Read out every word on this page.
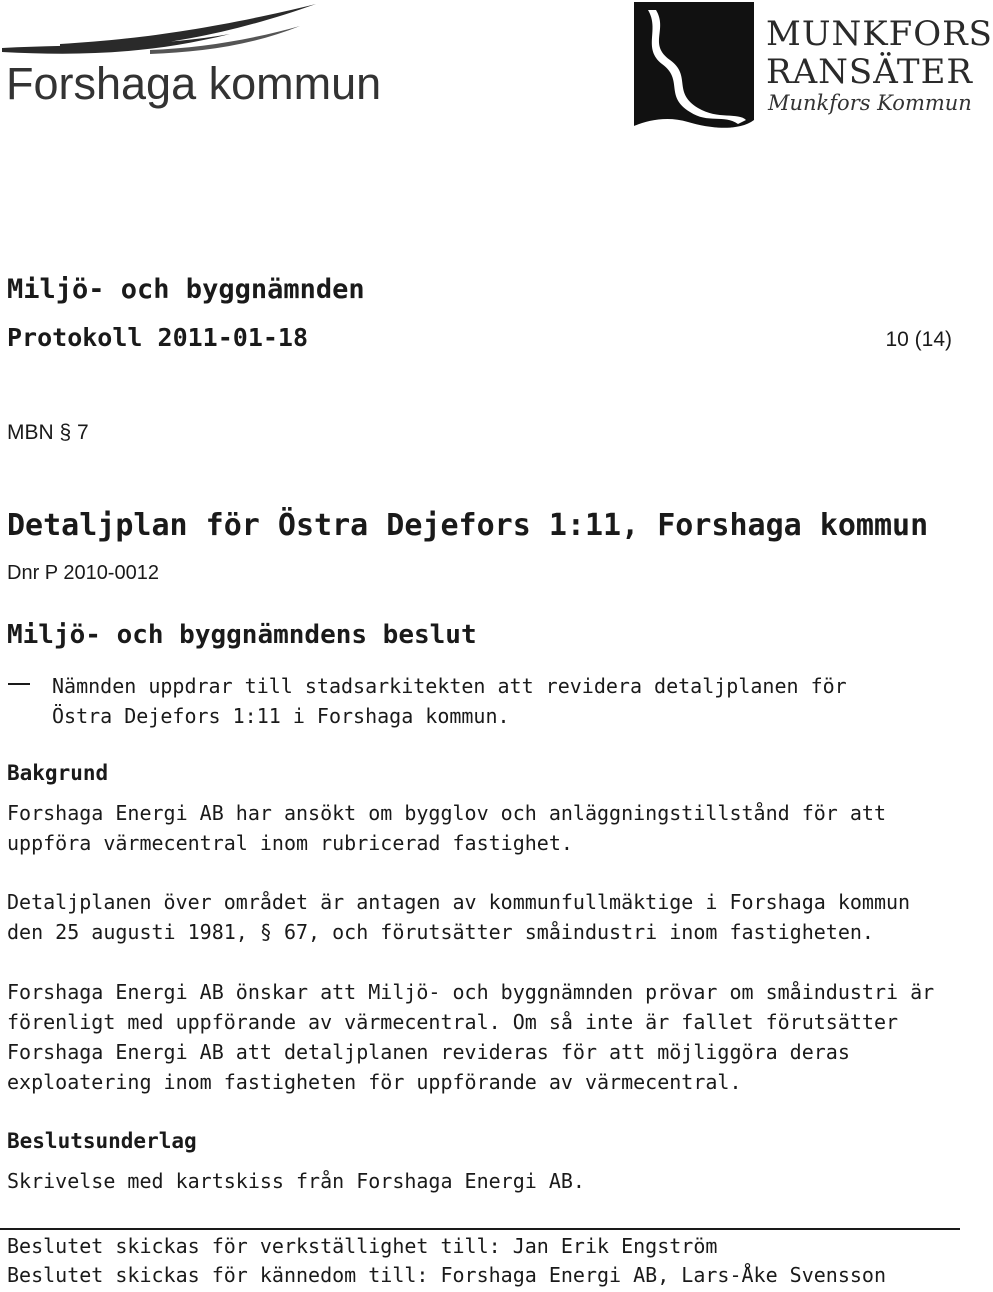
Forshaga kommun
MUNKFORS
RANSÄTER
Munkfors Kommun
Miljö- och byggnämnden
Protokoll 2011-01-18	10 (14)
MBN § 7
Detaljplan för Östra Dejefors 1:11, Forshaga kommun
Dnr P 2010-0012
Miljö- och byggnämndens beslut
Nämnden uppdrar till stadsarkitekten att revidera detaljplanen för
Östra Dejefors 1:11 i Forshaga kommun.
Bakgrund
Forshaga Energi AB har ansökt om bygglov och anläggningstillstånd för att
uppföra värmecentral inom rubricerad fastighet.
Detaljplanen över området är antagen av kommunfullmäktige i Forshaga kommun
den 25 augusti 1981, § 67, och förutsätter småindustri inom fastigheten.
Forshaga Energi AB önskar att Miljö- och byggnämnden prövar om småindustri är
förenligt med uppförande av värmecentral. Om så inte är fallet förutsätter
Forshaga Energi AB att detaljplanen revideras för att möjliggöra deras
exploatering inom fastigheten för uppförande av värmecentral.
Beslutsunderlag
Skrivelse med kartskiss från Forshaga Energi AB.
Beslutet skickas för verkställighet till: Jan Erik Engström
Beslutet skickas för kännedom till: Forshaga Energi AB, Lars-Åke Svensson
